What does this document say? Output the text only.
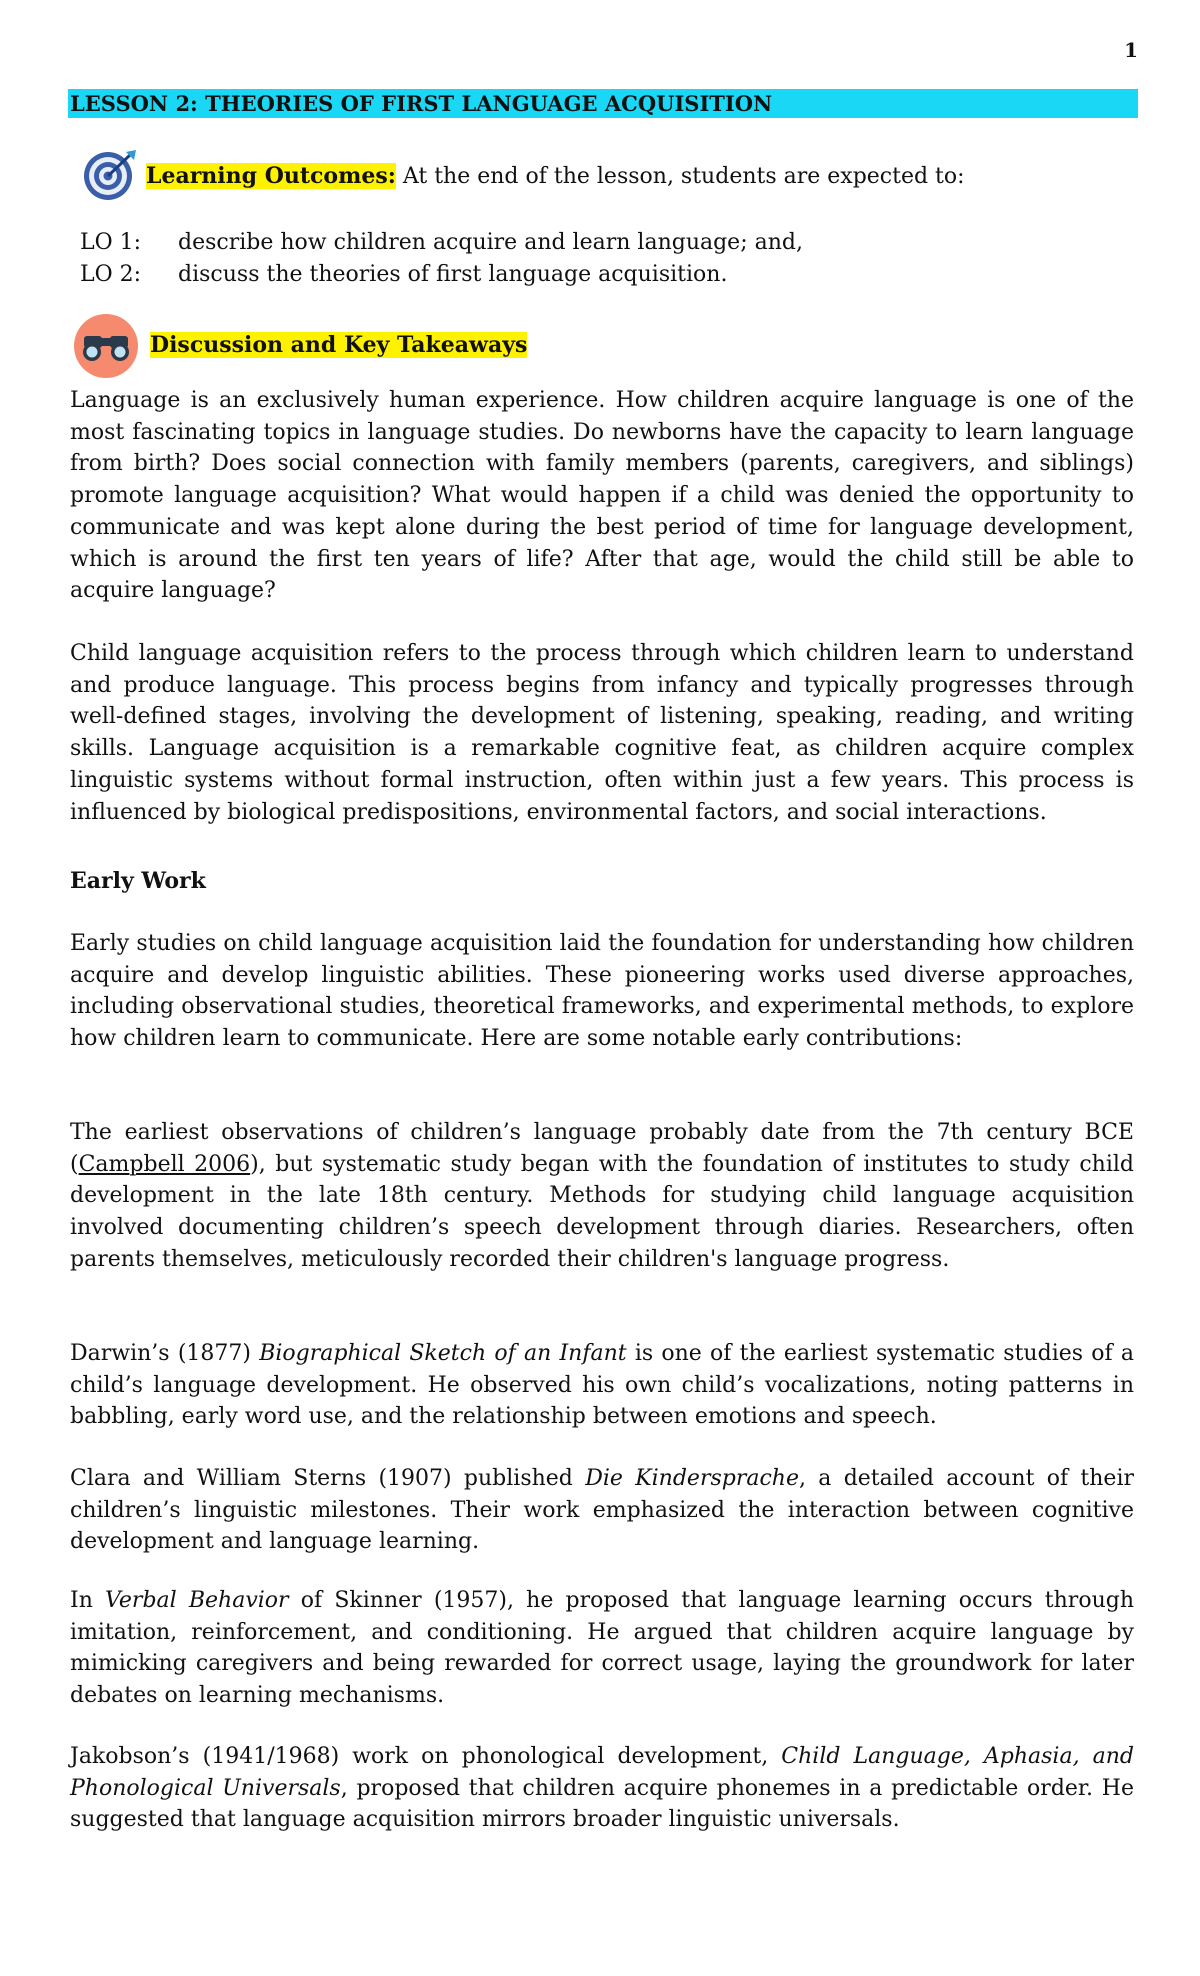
1
LESSON 2: THEORIES OF FIRST LANGUAGE ACQUISITION
Learning Outcomes: At the end of the lesson, students are expected to:
LO 1: describe how children acquire and learn language; and,
LO 2: discuss the theories of first language acquisition.
Discussion and Key Takeaways

Language is an exclusively human experience. How children acquire language is one of the most fascinating topics in language studies. Do newborns have the capacity to learn language from birth? Does social connection with family members (parents, caregivers, and siblings) promote language acquisition? What would happen if a child was denied the opportunity to communicate and was kept alone during the best period of time for language development, which is around the first ten years of life? After that age, would the child still be able to acquire language?

Child language acquisition refers to the process through which children learn to understand and produce language. This process begins from infancy and typically progresses through well-defined stages, involving the development of listening, speaking, reading, and writing skills. Language acquisition is a remarkable cognitive feat, as children acquire complex linguistic systems without formal instruction, often within just a few years. This process is influenced by biological predispositions, environmental factors, and social interactions.

Early Work

Early studies on child language acquisition laid the foundation for understanding how children acquire and develop linguistic abilities. These pioneering works used diverse approaches, including observational studies, theoretical frameworks, and experimental methods, to explore how children learn to communicate. Here are some notable early contributions:

The earliest observations of children’s language probably date from the 7th century BCE (Campbell 2006), but systematic study began with the foundation of institutes to study child development in the late 18th century. Methods for studying child language acquisition involved documenting children’s speech development through diaries. Researchers, often parents themselves, meticulously recorded their children's language progress.

Darwin’s (1877) Biographical Sketch of an Infant is one of the earliest systematic studies of a child’s language development. He observed his own child’s vocalizations, noting patterns in babbling, early word use, and the relationship between emotions and speech.

Clara and William Sterns (1907) published Die Kindersprache, a detailed account of their children’s linguistic milestones. Their work emphasized the interaction between cognitive development and language learning.

In Verbal Behavior of Skinner (1957), he proposed that language learning occurs through imitation, reinforcement, and conditioning. He argued that children acquire language by mimicking caregivers and being rewarded for correct usage, laying the groundwork for later debates on learning mechanisms.

Jakobson’s (1941/1968) work on phonological development, Child Language, Aphasia, and Phonological Universals, proposed that children acquire phonemes in a predictable order. He suggested that language acquisition mirrors broader linguistic universals.
